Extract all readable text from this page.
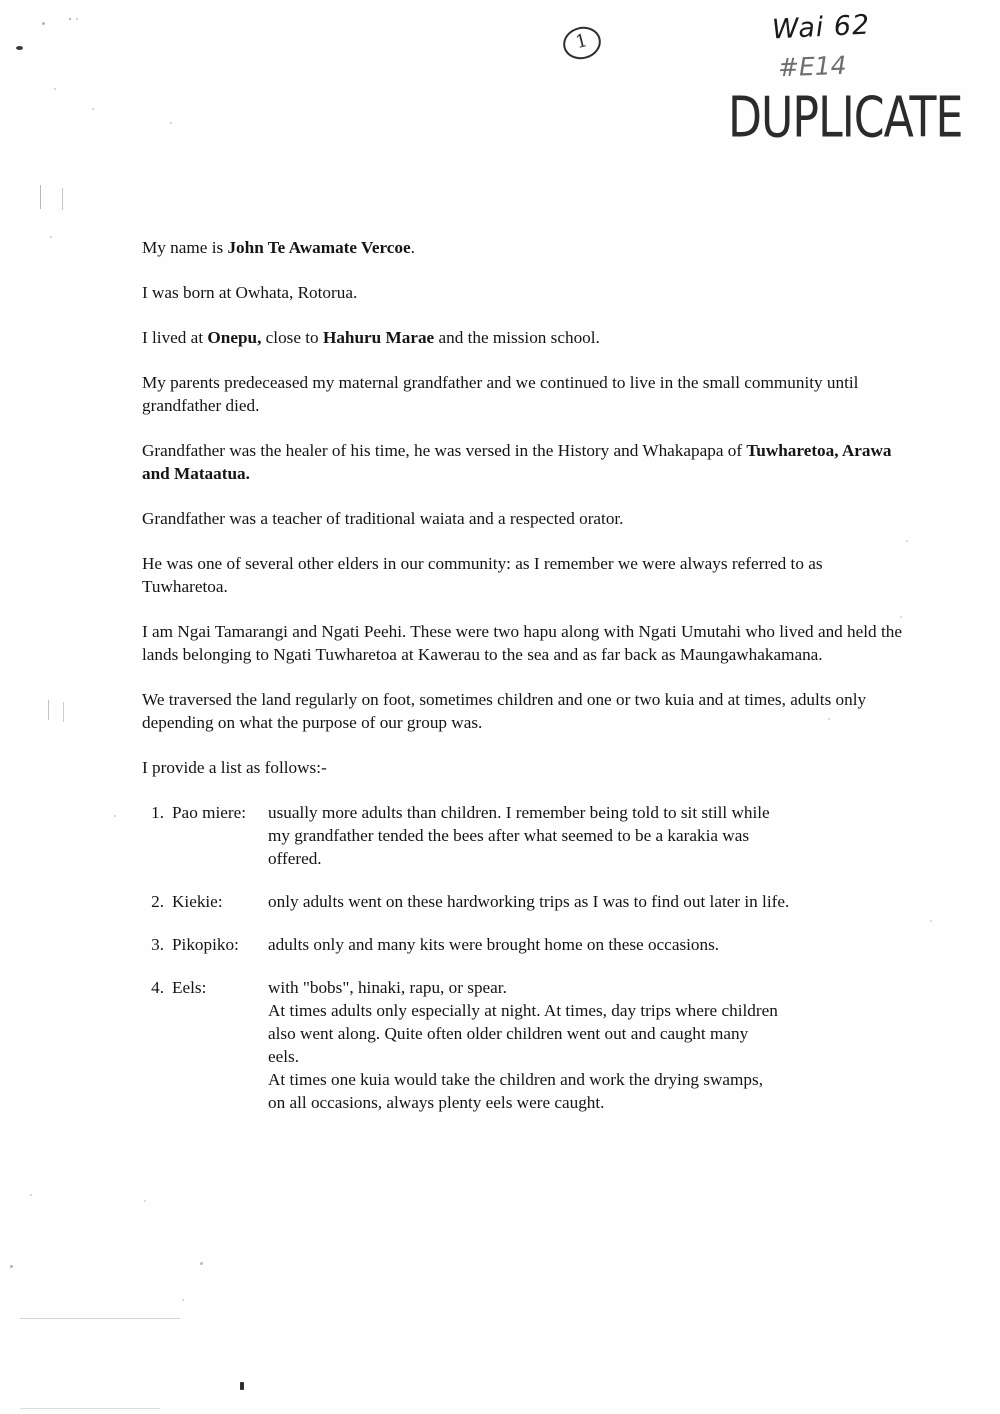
1	Wai 62
#E14
DUPLICATE
My name is John Te Awamate Vercoe.
I was born at Owhata, Rotorua.
I lived at Onepu, close to Hahuru Marae and the mission school.
My parents predeceased my maternal grandfather and we continued to live in the small community until grandfather died.
Grandfather was the healer of his time, he was versed in the History and Whakapapa of Tuwharetoa, Arawa and Mataatua.
Grandfather was a teacher of traditional waiata and a respected orator.
He was one of several other elders in our community: as I remember we were always referred to as Tuwharetoa.
I am Ngai Tamarangi and Ngati Peehi. These were two hapu along with Ngati Umutahi who lived and held the lands belonging to Ngati Tuwharetoa at Kawerau to the sea and as far back as Maungawhakamana.
We traversed the land regularly on foot, sometimes children and one or two kuia and at times, adults only depending on what the purpose of our group was.
I provide a list as follows:-
1. Pao miere: usually more adults than children. I remember being told to sit still while
my grandfather tended the bees after what seemed to be a karakia was
offered.
2. Kiekie:	only adults went on these hardworking trips as I was to find out later in life.
3. Pikopiko: adults only and many kits were brought home on these occasions.
4. Eels:	with "bobs", hinaki, rapu, or spear.
At times adults only especially at night. At times, day trips where children
also went along. Quite often older children went out and caught many
eels.
At times one kuia would take the children and work the drying swamps,
on all occasions, always plenty eels were caught.
